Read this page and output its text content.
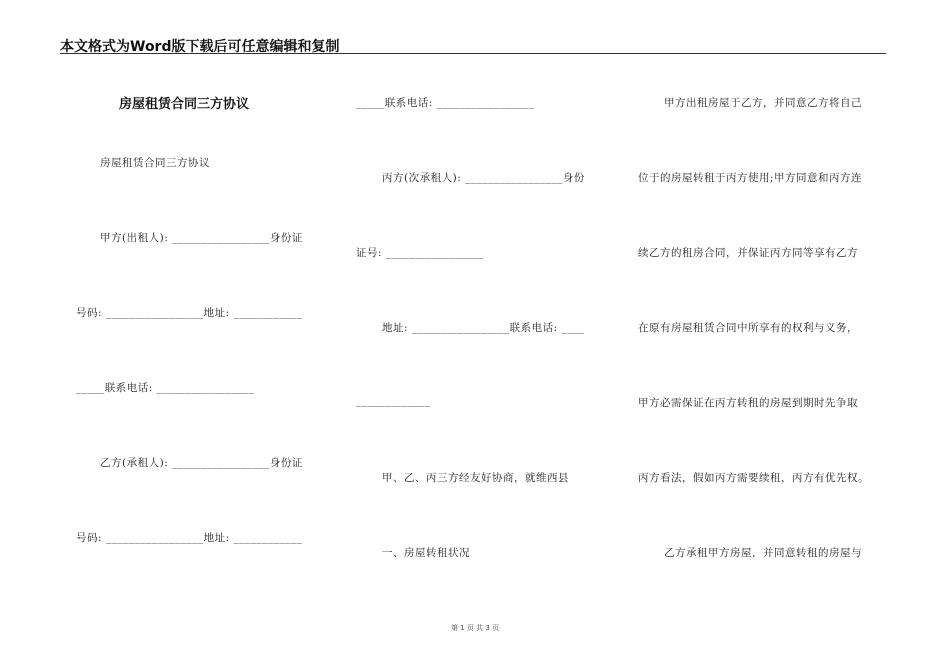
本文格式为Word版下载后可任意编辑和复制
房屋租赁合同三方协议
房屋租赁合同三方协议
甲方(出租人): _________________身份证
号码: _________________地址: ____________
_____联系电话: _________________
乙方(承租人): _________________身份证
号码: _________________地址: ____________
_____联系电话: _________________
丙方(次承租人): _________________身份
证号: _________________
地址: _________________联系电话: ____
_____________
甲、乙、丙三方经友好协商，就维西县
一、房屋转租状况
甲方出租房屋于乙方，并同意乙方将自己
位于的房屋转租于丙方使用;甲方同意和丙方连
续乙方的租房合同，并保证丙方同等享有乙方
在原有房屋租赁合同中所享有的权利与义务，
甲方必需保证在丙方转租的房屋到期时先争取
丙方看法，假如丙方需要续租，丙方有优先权。
乙方承租甲方房屋，并同意转租的房屋与
第 1 页 共 3 页
